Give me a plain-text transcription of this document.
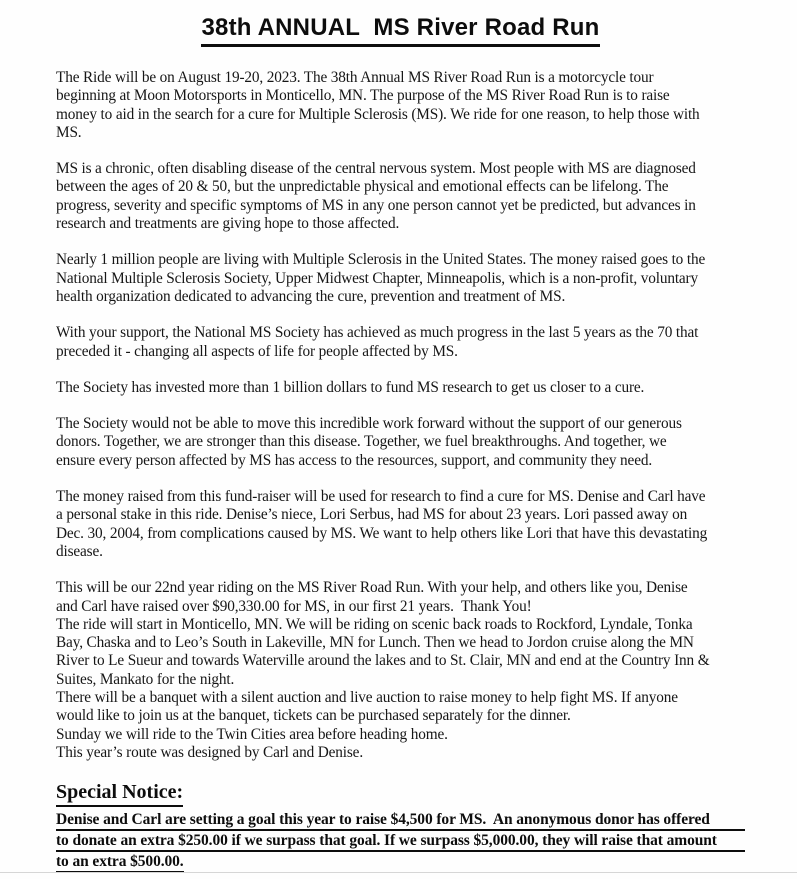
38th ANNUAL  MS River Road Run
The Ride will be on August 19-20, 2023. The 38th Annual MS River Road Run is a motorcycle tour
beginning at Moon Motorsports in Monticello, MN. The purpose of the MS River Road Run is to raise
money to aid in the search for a cure for Multiple Sclerosis (MS). We ride for one reason, to help those with
MS.
MS is a chronic, often disabling disease of the central nervous system. Most people with MS are diagnosed
between the ages of 20 & 50, but the unpredictable physical and emotional effects can be lifelong. The
progress, severity and specific symptoms of MS in any one person cannot yet be predicted, but advances in
research and treatments are giving hope to those affected.
Nearly 1 million people are living with Multiple Sclerosis in the United States. The money raised goes to the
National Multiple Sclerosis Society, Upper Midwest Chapter, Minneapolis, which is a non-profit, voluntary
health organization dedicated to advancing the cure, prevention and treatment of MS.
With your support, the National MS Society has achieved as much progress in the last 5 years as the 70 that
preceded it - changing all aspects of life for people affected by MS.
The Society has invested more than 1 billion dollars to fund MS research to get us closer to a cure.
The Society would not be able to move this incredible work forward without the support of our generous
donors. Together, we are stronger than this disease. Together, we fuel breakthroughs. And together, we
ensure every person affected by MS has access to the resources, support, and community they need.
The money raised from this fund-raiser will be used for research to find a cure for MS. Denise and Carl have
a personal stake in this ride. Denise’s niece, Lori Serbus, had MS for about 23 years. Lori passed away on
Dec. 30, 2004, from complications caused by MS. We want to help others like Lori that have this devastating
disease.
This will be our 22nd year riding on the MS River Road Run. With your help, and others like you, Denise
and Carl have raised over $90,330.00 for MS, in our first 21 years.  Thank You!
The ride will start in Monticello, MN. We will be riding on scenic back roads to Rockford, Lyndale, Tonka
Bay, Chaska and to Leo’s South in Lakeville, MN for Lunch. Then we head to Jordon cruise along the MN
River to Le Sueur and towards Waterville around the lakes and to St. Clair, MN and end at the Country Inn &
Suites, Mankato for the night.
There will be a banquet with a silent auction and live auction to raise money to help fight MS. If anyone
would like to join us at the banquet, tickets can be purchased separately for the dinner.
Sunday we will ride to the Twin Cities area before heading home.
This year’s route was designed by Carl and Denise.
Special Notice:
Denise and Carl are setting a goal this year to raise $4,500 for MS.  An anonymous donor has offered
to donate an extra $250.00 if we surpass that goal. If we surpass $5,000.00, they will raise that amount
to an extra $500.00.
